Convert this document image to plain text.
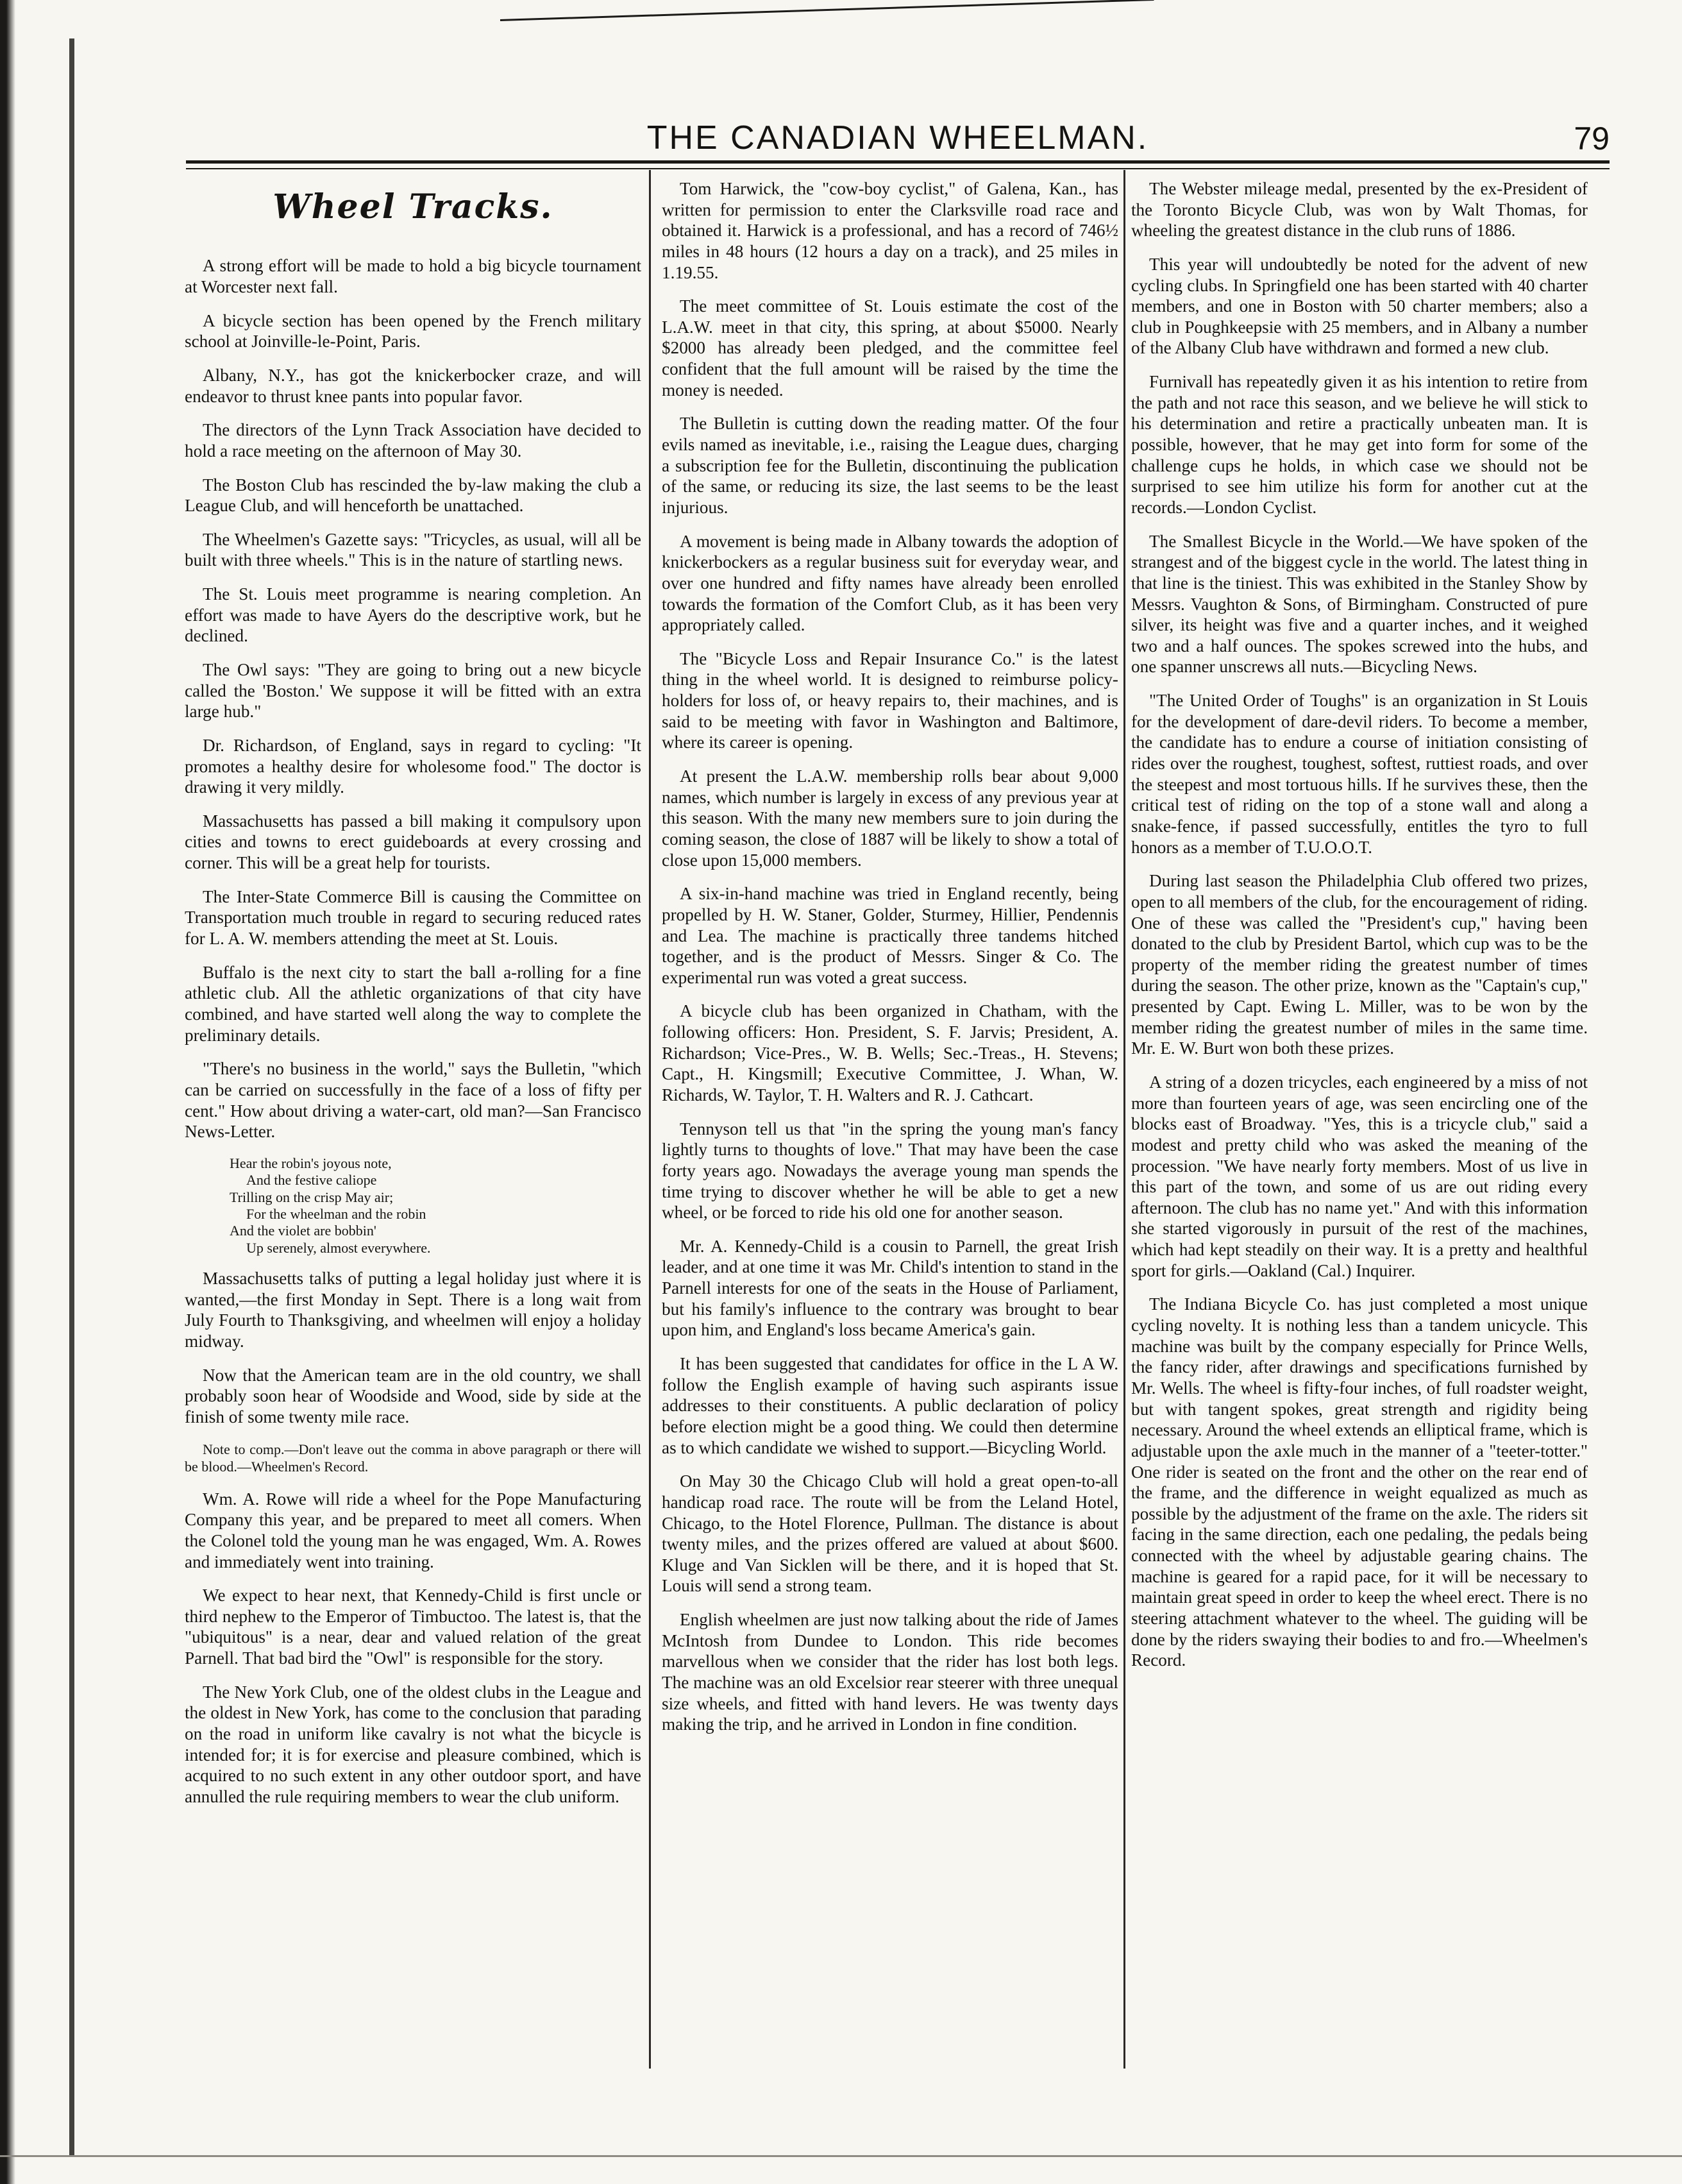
THE CANADIAN WHEELMAN.	79
Wheel Tracks.

A strong effort will be made to hold a big bicycle tournament at Worcester next fall.

A bicycle section has been opened by the French military school at Joinville-le-Point, Paris.

Albany, N.Y., has got the knickerbocker craze, and will endeavor to thrust knee pants into popular favor.

The directors of the Lynn Track Association have decided to hold a race meeting on the afternoon of May 30.

The Boston Club has rescinded the by-law making the club a League Club, and will henceforth be unattached.

The Wheelmen's Gazette says: "Tricycles, as usual, will all be built with three wheels." This is in the nature of startling news.

The St. Louis meet programme is nearing completion. An effort was made to have Ayers do the descriptive work, but he declined.

The Owl says: "They are going to bring out a new bicycle called the 'Boston.' We suppose it will be fitted with an extra large hub."

Dr. Richardson, of England, says in regard to cycling: "It promotes a healthy desire for wholesome food." The doctor is drawing it very mildly.

Massachusetts has passed a bill making it compulsory upon cities and towns to erect guideboards at every crossing and corner. This will be a great help for tourists.

The Inter-State Commerce Bill is causing the Committee on Transportation much trouble in regard to securing reduced rates for L. A. W. members attending the meet at St. Louis.

Buffalo is the next city to start the ball a-rolling for a fine athletic club. All the athletic organizations of that city have combined, and have started well along the way to complete the preliminary details.

"There's no business in the world," says the Bulletin, "which can be carried on successfully in the face of a loss of fifty per cent." How about driving a water-cart, old man?—San Francisco News-Letter.

Hear the robin's joyous note,
And the festive caliope
Trilling on the crisp May air;
For the wheelman and the robin
And the violet are bobbin'
Up serenely, almost everywhere.

Massachusetts talks of putting a legal holiday just where it is wanted,—the first Monday in Sept. There is a long wait from July Fourth to Thanksgiving, and wheelmen will enjoy a holiday midway.

Now that the American team are in the old country, we shall probably soon hear of Woodside and Wood, side by side at the finish of some twenty mile race.

Note to comp.—Don't leave out the comma in above paragraph or there will be blood.—Wheelmen's Record.

Wm. A. Rowe will ride a wheel for the Pope Manufacturing Company this year, and be prepared to meet all comers. When the Colonel told the young man he was engaged, Wm. A. Rowes and immediately went into training.

We expect to hear next, that Kennedy-Child is first uncle or third nephew to the Emperor of Timbuctoo. The latest is, that the "ubiquitous" is a near, dear and valued relation of the great Parnell. That bad bird the "Owl" is responsible for the story.

The New York Club, one of the oldest clubs in the League and the oldest in New York, has come to the conclusion that parading on the road in uniform like cavalry is not what the bicycle is intended for; it is for exercise and pleasure combined, which is acquired to no such extent in any other outdoor sport, and have annulled the rule requiring members to wear the club uniform.

Tom Harwick, the "cow-boy cyclist," of Galena, Kan., has written for permission to enter the Clarksville road race and obtained it. Harwick is a professional, and has a record of 746½ miles in 48 hours (12 hours a day on a track), and 25 miles in 1.19.55.

The meet committee of St. Louis estimate the cost of the L.A.W. meet in that city, this spring, at about $5000. Nearly $2000 has already been pledged, and the committee feel confident that the full amount will be raised by the time the money is needed.

The Bulletin is cutting down the reading matter. Of the four evils named as inevitable, i.e., raising the League dues, charging a subscription fee for the Bulletin, discontinuing the publication of the same, or reducing its size, the last seems to be the least injurious.

A movement is being made in Albany towards the adoption of knickerbockers as a regular business suit for everyday wear, and over one hundred and fifty names have already been enrolled towards the formation of the Comfort Club, as it has been very appropriately called.

The "Bicycle Loss and Repair Insurance Co." is the latest thing in the wheel world. It is designed to reimburse policy-holders for loss of, or heavy repairs to, their machines, and is said to be meeting with favor in Washington and Baltimore, where its career is opening.

At present the L.A.W. membership rolls bear about 9,000 names, which number is largely in excess of any previous year at this season. With the many new members sure to join during the coming season, the close of 1887 will be likely to show a total of close upon 15,000 members.

A six-in-hand machine was tried in England recently, being propelled by H. W. Staner, Golder, Sturmey, Hillier, Pendennis and Lea. The machine is practically three tandems hitched together, and is the product of Messrs. Singer & Co. The experimental run was voted a great success.

A bicycle club has been organized in Chatham, with the following officers: Hon. President, S. F. Jarvis; President, A. Richardson; Vice-Pres., W. B. Wells; Sec.-Treas., H. Stevens; Capt., H. Kingsmill; Executive Committee, J. Whan, W. Richards, W. Taylor, T. H. Walters and R. J. Cathcart.

Tennyson tell us that "in the spring the young man's fancy lightly turns to thoughts of love." That may have been the case forty years ago. Nowadays the average young man spends the time trying to discover whether he will be able to get a new wheel, or be forced to ride his old one for another season.

Mr. A. Kennedy-Child is a cousin to Parnell, the great Irish leader, and at one time it was Mr. Child's intention to stand in the Parnell interests for one of the seats in the House of Parliament, but his family's influence to the contrary was brought to bear upon him, and England's loss became America's gain.

It has been suggested that candidates for office in the L A W. follow the English example of having such aspirants issue addresses to their constituents. A public declaration of policy before election might be a good thing. We could then determine as to which candidate we wished to support.—Bicycling World.

On May 30 the Chicago Club will hold a great open-to-all handicap road race. The route will be from the Leland Hotel, Chicago, to the Hotel Florence, Pullman. The distance is about twenty miles, and the prizes offered are valued at about $600. Kluge and Van Sicklen will be there, and it is hoped that St. Louis will send a strong team.

English wheelmen are just now talking about the ride of James McIntosh from Dundee to London. This ride becomes marvellous when we consider that the rider has lost both legs. The machine was an old Excelsior rear steerer with three unequal size wheels, and fitted with hand levers. He was twenty days making the trip, and he arrived in London in fine condition.

The Webster mileage medal, presented by the ex-President of the Toronto Bicycle Club, was won by Walt Thomas, for wheeling the greatest distance in the club runs of 1886.

This year will undoubtedly be noted for the advent of new cycling clubs. In Springfield one has been started with 40 charter members, and one in Boston with 50 charter members; also a club in Poughkeepsie with 25 members, and in Albany a number of the Albany Club have withdrawn and formed a new club.

Furnivall has repeatedly given it as his intention to retire from the path and not race this season, and we believe he will stick to his determination and retire a practically unbeaten man. It is possible, however, that he may get into form for some of the challenge cups he holds, in which case we should not be surprised to see him utilize his form for another cut at the records.—London Cyclist.

The Smallest Bicycle in the World.—We have spoken of the strangest and of the biggest cycle in the world. The latest thing in that line is the tiniest. This was exhibited in the Stanley Show by Messrs. Vaughton & Sons, of Birmingham. Constructed of pure silver, its height was five and a quarter inches, and it weighed two and a half ounces. The spokes screwed into the hubs, and one spanner unscrews all nuts.—Bicycling News.

"The United Order of Toughs" is an organization in St Louis for the development of dare-devil riders. To become a member, the candidate has to endure a course of initiation consisting of rides over the roughest, toughest, softest, ruttiest roads, and over the steepest and most tortuous hills. If he survives these, then the critical test of riding on the top of a stone wall and along a snake-fence, if passed successfully, entitles the tyro to full honors as a member of T.U.O.O.T.

During last season the Philadelphia Club offered two prizes, open to all members of the club, for the encouragement of riding. One of these was called the "President's cup," having been donated to the club by President Bartol, which cup was to be the property of the member riding the greatest number of times during the season. The other prize, known as the "Captain's cup," presented by Capt. Ewing L. Miller, was to be won by the member riding the greatest number of miles in the same time. Mr. E. W. Burt won both these prizes.

A string of a dozen tricycles, each engineered by a miss of not more than fourteen years of age, was seen encircling one of the blocks east of Broadway. "Yes, this is a tricycle club," said a modest and pretty child who was asked the meaning of the procession. "We have nearly forty members. Most of us live in this part of the town, and some of us are out riding every afternoon. The club has no name yet." And with this information she started vigorously in pursuit of the rest of the machines, which had kept steadily on their way. It is a pretty and healthful sport for girls.—Oakland (Cal.) Inquirer.

The Indiana Bicycle Co. has just completed a most unique cycling novelty. It is nothing less than a tandem unicycle. This machine was built by the company especially for Prince Wells, the fancy rider, after drawings and specifications furnished by Mr. Wells. The wheel is fifty-four inches, of full roadster weight, but with tangent spokes, great strength and rigidity being necessary. Around the wheel extends an elliptical frame, which is adjustable upon the axle much in the manner of a "teeter-totter." One rider is seated on the front and the other on the rear end of the frame, and the difference in weight equalized as much as possible by the adjustment of the frame on the axle. The riders sit facing in the same direction, each one pedaling, the pedals being connected with the wheel by adjustable gearing chains. The machine is geared for a rapid pace, for it will be necessary to maintain great speed in order to keep the wheel erect. There is no steering attachment whatever to the wheel. The guiding will be done by the riders swaying their bodies to and fro.—Wheelmen's Record.
